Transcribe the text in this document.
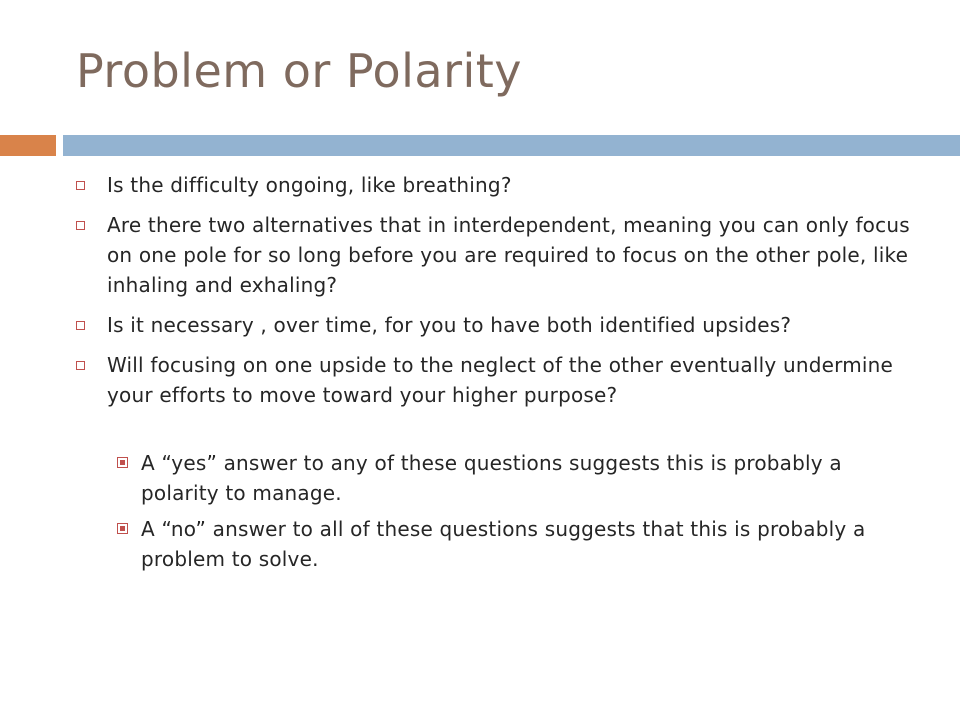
Problem or Polarity
Is the difficulty ongoing, like breathing?
Are there two alternatives that in interdependent, meaning you can only focus on one pole for so long before you are required to focus on the other pole, like inhaling and exhaling?
Is it necessary , over time, for you to have both identified upsides?
Will focusing on one upside to the neglect of the other eventually undermine your efforts to move toward your higher purpose?
A “yes” answer to any of these questions suggests this is probably a polarity to manage.
A “no” answer to all of these questions suggests that this is probably a problem to solve.
